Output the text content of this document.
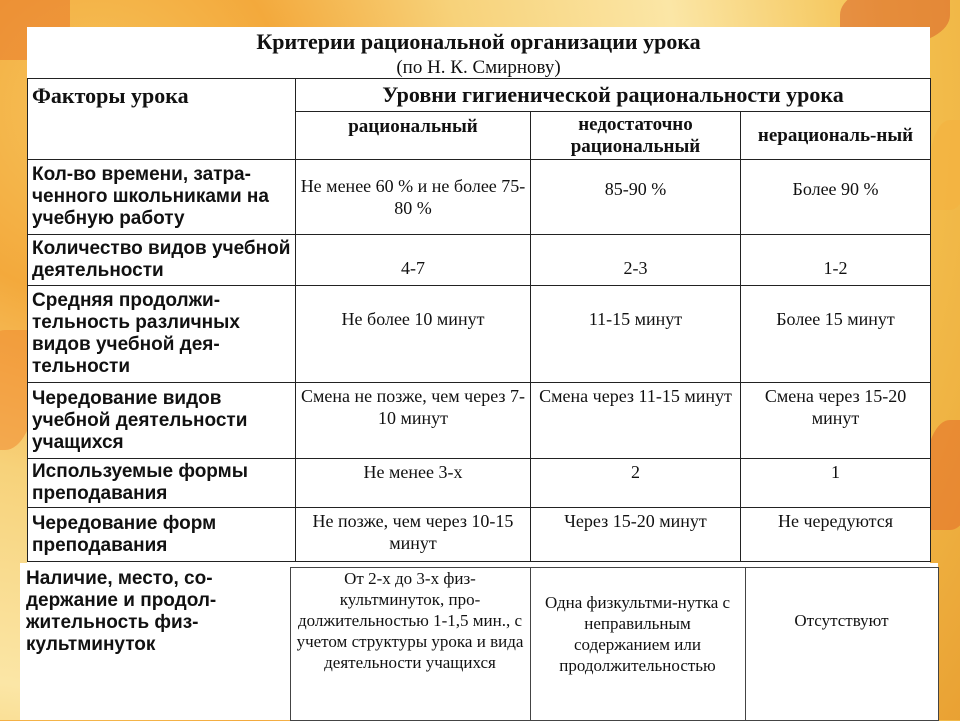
Критерии рациональной организации урока
(по Н. К. Смирнову)
Факторы урока	Уровни гигиенической рациональности урока		
	рациональный	недостаточно рациональный	нерациональ-ный
Кол-во времени, затра-ченного школьниками на учебную работу	Не менее 60 % и не более 75-80 %	85-90 %	Более 90 %
Количество видов учебной деятельности	4-7	2-3	1-2
Средняя продолжи-тельность различных видов учебной дея-тельности	Не более 10 минут	11-15 минут	Более 15 минут
Чередование видов учебной деятельности учащихся	Смена не позже, чем через 7-10 минут	Смена через 11-15 минут	Смена через 15-20 минут
Используемые формы преподавания	Не менее 3-х	2	1
Чередование форм преподавания	Не позже, чем через 10-15 минут	Через 15-20 минут	Не чередуются
Наличие, место, со-держание и продол-жительность физ-культминуток	От 2-х до 3-х физ-культминуток, про-должительностью 1-1,5 мин., с учетом структуры урока и вида деятельности учащихся	Одна физкультми-нутка с неправильным содержанием или продолжительностью	Отсутствуют
